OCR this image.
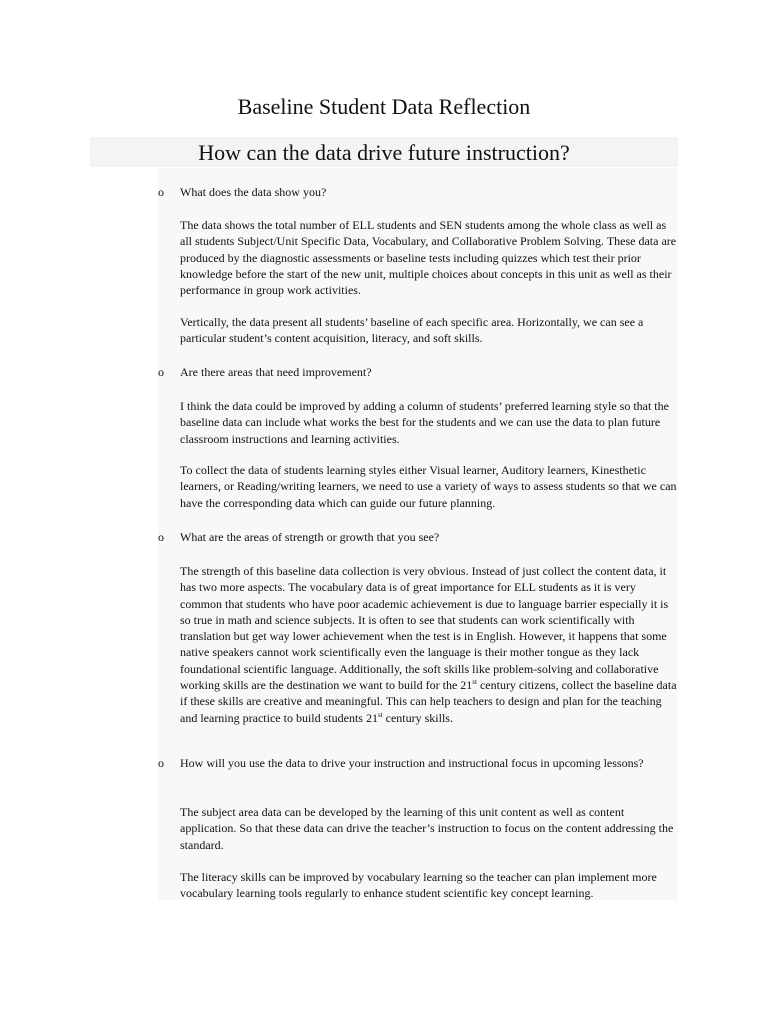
Baseline Student Data Reflection
How can the data drive future instruction?
o What does the data show you?

The data shows the total number of ELL students and SEN students among the whole class as well as all students Subject/Unit Specific Data, Vocabulary, and Collaborative Problem Solving. These data are produced by the diagnostic assessments or baseline tests including quizzes which test their prior knowledge before the start of the new unit, multiple choices about concepts in this unit as well as their performance in group work activities.

Vertically, the data present all students’ baseline of each specific area. Horizontally, we can see a particular student’s content acquisition, literacy, and soft skills.

o Are there areas that need improvement?

I think the data could be improved by adding a column of students’ preferred learning style so that the baseline data can include what works the best for the students and we can use the data to plan future classroom instructions and learning activities.

To collect the data of students learning styles either Visual learner, Auditory learners, Kinesthetic learners, or Reading/writing learners, we need to use a variety of ways to assess students so that we can have the corresponding data which can guide our future planning.

o What are the areas of strength or growth that you see?

The strength of this baseline data collection is very obvious. Instead of just collect the content data, it has two more aspects. The vocabulary data is of great importance for ELL students as it is very common that students who have poor academic achievement is due to language barrier especially it is so true in math and science subjects. It is often to see that students can work scientifically with translation but get way lower achievement when the test is in English. However, it happens that some native speakers cannot work scientifically even the language is their mother tongue as they lack foundational scientific language. Additionally, the soft skills like problem-solving and collaborative working skills are the destination we want to build for the 21st century citizens, collect the baseline data if these skills are creative and meaningful. This can help teachers to design and plan for the teaching and learning practice to build students 21st century skills.

o How will you use the data to drive your instruction and instructional focus in upcoming lessons?

The subject area data can be developed by the learning of this unit content as well as content application. So that these data can drive the teacher’s instruction to focus on the content addressing the standard.

The literacy skills can be improved by vocabulary learning so the teacher can plan implement more vocabulary learning tools regularly to enhance student scientific key concept learning.
